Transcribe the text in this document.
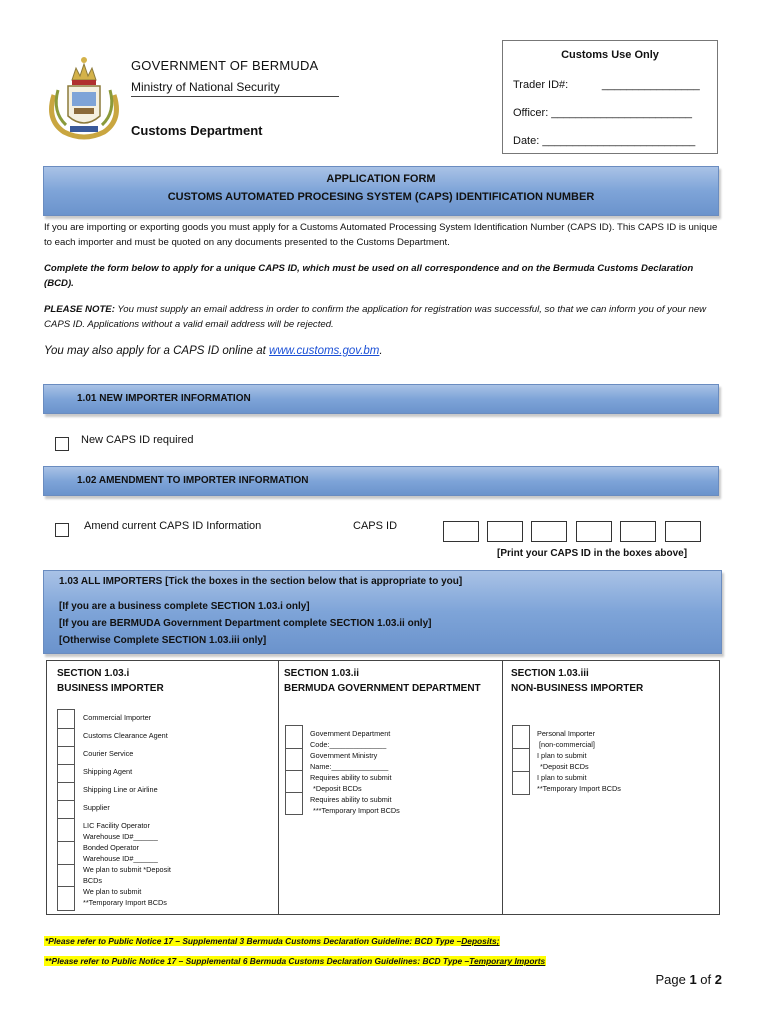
GOVERNMENT OF BERMUDA
Ministry of National Security
Customs Department
Customs Use Only
Trader ID#:           ________________
Officer: _______________________
Date: _________________________
APPLICATION FORM
CUSTOMS AUTOMATED PROCESING SYSTEM (CAPS) IDENTIFICATION NUMBER
If you are importing or exporting goods you must apply for a Customs Automated Processing System Identification Number (CAPS ID). This CAPS ID is unique to each importer and must be quoted on any documents presented to the Customs Department.
Complete the form below to apply for a unique CAPS ID, which must be used on all correspondence and on the Bermuda Customs Declaration (BCD).
PLEASE NOTE: You must supply an email address in order to confirm the application for registration was successful, so that we can inform you of your new CAPS ID. Applications without a valid email address will be rejected.
You may also apply for a CAPS ID online at www.customs.gov.bm.
1.01 NEW IMPORTER INFORMATION
New CAPS ID required
1.02 AMENDMENT TO IMPORTER INFORMATION
Amend current CAPS ID Information	CAPS ID
[Print your CAPS ID in the boxes above]
1.03 ALL IMPORTERS [Tick the boxes in the section below that is appropriate to you]
[If you are a business complete SECTION 1.03.i only]
[If you are BERMUDA Government Department complete SECTION 1.03.ii only]
[Otherwise Complete SECTION 1.03.iii only]
SECTION 1.03.i
BUSINESS IMPORTER
Commercial Importer
Customs Clearance Agent
Courier Service
Shipping Agent
Shipping Line or Airline
Supplier
LIC Facility Operator
Warehouse ID#______
Bonded Operator
Warehouse ID#______
We plan to submit *Deposit
BCDs
We plan to submit
**Temporary Import BCDs
SECTION 1.03.ii
BERMUDA GOVERNMENT DEPARTMENT
Government Department
Code:______________
Government Ministry
Name:______________
Requires ability to submit
*Deposit BCDs
Requires ability to submit
***Temporary Import BCDs
SECTION 1.03.iii
NON-BUSINESS IMPORTER
Personal Importer
[non-commercial]
I plan to submit
*Deposit BCDs
I plan to submit
**Temporary Import BCDs
*Please refer to Public Notice 17 – Supplemental 3 Bermuda Customs Declaration Guideline: BCD Type –Deposits;
**Please refer to Public Notice 17 – Supplemental 6 Bermuda Customs Declaration Guidelines: BCD Type –Temporary Imports
Page 1 of 2
